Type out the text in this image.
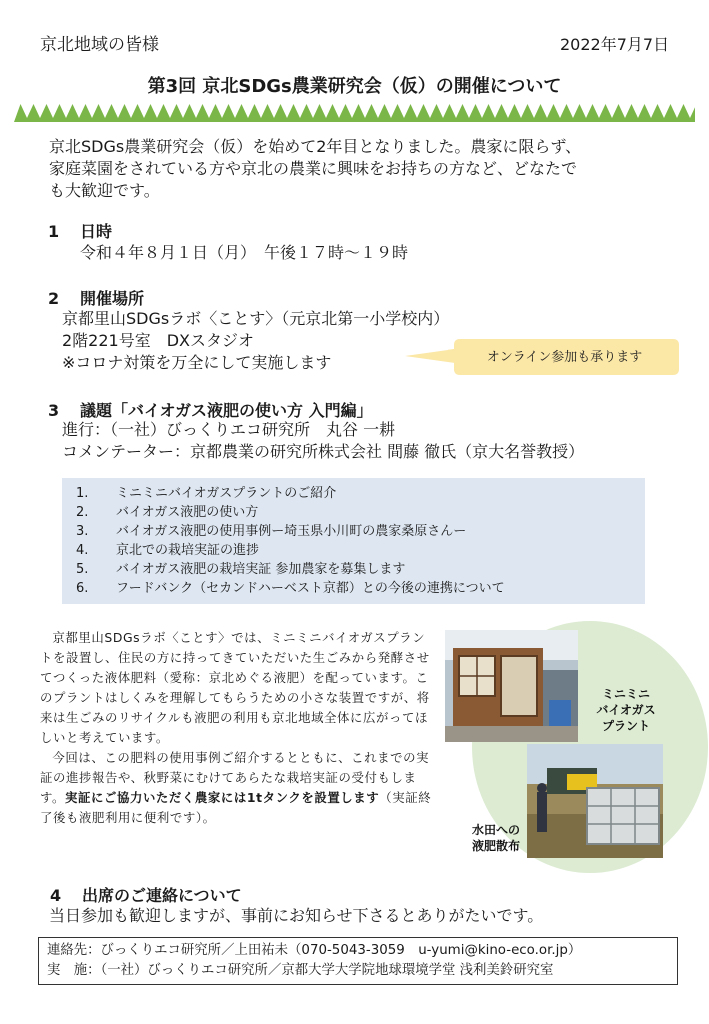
京北地域の皆様	2022年7月7日
第3回 京北SDGs農業研究会（仮）の開催について
京北SDGs農業研究会（仮）を始めて2年目となりました。農家に限らず、
家庭菜園をされている方や京北の農業に興味をお持ちの方など、どなたで
も大歓迎です。
1 日時
令和４年８月１日（月）　午後１７時～１９時
2 開催場所
京都里山SDGsラボ〈ことす〉（元京北第一小学校内）
2階221号室　DXスタジオ
※コロナ対策を万全にして実施します	オンライン参加も承ります
3 議題「バイオガス液肥の使い方 入門編」
進行：（一社）びっくりエコ研究所　丸谷 一耕
コメンテーター：京都農業の研究所株式会社 間藤 徹氏（京大名誉教授）
1. ミニミニバイオガスプラントのご紹介
2. バイオガス液肥の使い方
3. バイオガス液肥の使用事例ー埼玉県小川町の農家桑原さんー
4. 京北での栽培実証の進捗
5. バイオガス液肥の栽培実証 参加農家を募集します
6. フードバンク（セカンドハーベスト京都）との今後の連携について

京都里山SDGsラボ〈ことす〉では、ミニミニバイオガスプラントを設置し、住民の方に持ってきていただいた生ごみから発酵させてつくった液体肥料（愛称：京北めぐる液肥）を配っています。このプラントはしくみを理解してもらうための小さな装置ですが、将来は生ごみのリサイクルも液肥の利用も京北地域全体に広がってほしいと考えています。

今回は、この肥料の使用事例ご紹介するとともに、これまでの実証の進捗報告や、秋野菜にむけてあらたな栽培実証の受付もします。実証にご協力いただく農家には1tタンクを設置します（実証終了後も液肥利用に便利です）。

ミニミニ
バイオガス
プラント
水田への
液肥散布
4 出席のご連絡について
当日参加も歓迎しますが、事前にお知らせ下さるとありがたいです。
連絡先：びっくりエコ研究所／上田祐未（070-5043-3059　u-yumi@kino-eco.or.jp）
実　施：（一社）びっくりエコ研究所／京都大学大学院地球環境学堂 浅利美鈴研究室
